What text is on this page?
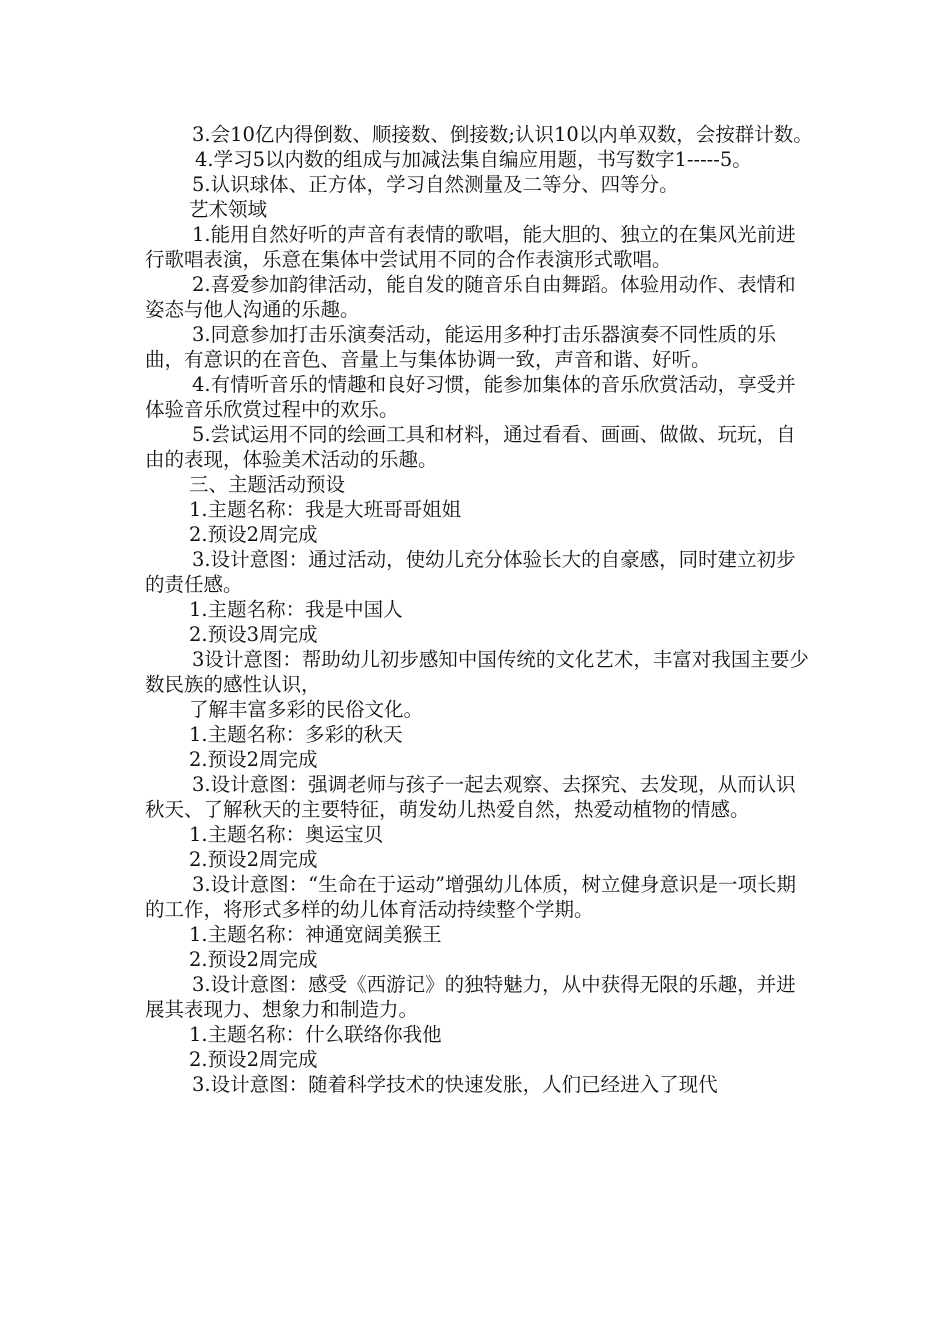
3.会10亿内得倒数、顺接数、倒接数;认识10以内单双数，会按群计数。

4.学习5以内数的组成与加减法集自编应用题，书写数字1-----5。

5.认识球体、正方体，学习自然测量及二等分、四等分。

艺术领域

1.能用自然好听的声音有表情的歌唱，能大胆的、独立的在集风光前进行歌唱表演，乐意在集体中尝试用不同的合作表演形式歌唱。

2.喜爱参加韵律活动，能自发的随音乐自由舞蹈。体验用动作、表情和姿态与他人沟通的乐趣。

3.同意参加打击乐演奏活动，能运用多种打击乐器演奏不同性质的乐曲，有意识的在音色、音量上与集体协调一致，声音和谐、好听。

4.有情听音乐的情趣和良好习惯，能参加集体的音乐欣赏活动，享受并体验音乐欣赏过程中的欢乐。

5.尝试运用不同的绘画工具和材料，通过看看、画画、做做、玩玩，自由的表现，体验美术活动的乐趣。

三、主题活动预设

1.主题名称：我是大班哥哥姐姐

2.预设2周完成

3.设计意图：通过活动，使幼儿充分体验长大的自豪感，同时建立初步的责任感。

1.主题名称：我是中国人

2.预设3周完成

3设计意图：帮助幼儿初步感知中国传统的文化艺术，丰富对我国主要少数民族的感性认识，

了解丰富多彩的民俗文化。

1.主题名称：多彩的秋天

2.预设2周完成

3.设计意图：强调老师与孩子一起去观察、去探究、去发现，从而认识秋天、了解秋天的主要特征，萌发幼儿热爱自然，热爱动植物的情感。

1.主题名称：奥运宝贝

2.预设2周完成

3.设计意图：“生命在于运动”增强幼儿体质，树立健身意识是一项长期的工作，将形式多样的幼儿体育活动持续整个学期。

1.主题名称：神通宽阔美猴王

2.预设2周完成

3.设计意图：感受《西游记》的独特魅力，从中获得无限的乐趣，并进展其表现力、想象力和制造力。

1.主题名称：什么联络你我他

2.预设2周完成

3.设计意图：随着科学技术的快速发胀，人们已经进入了现代
